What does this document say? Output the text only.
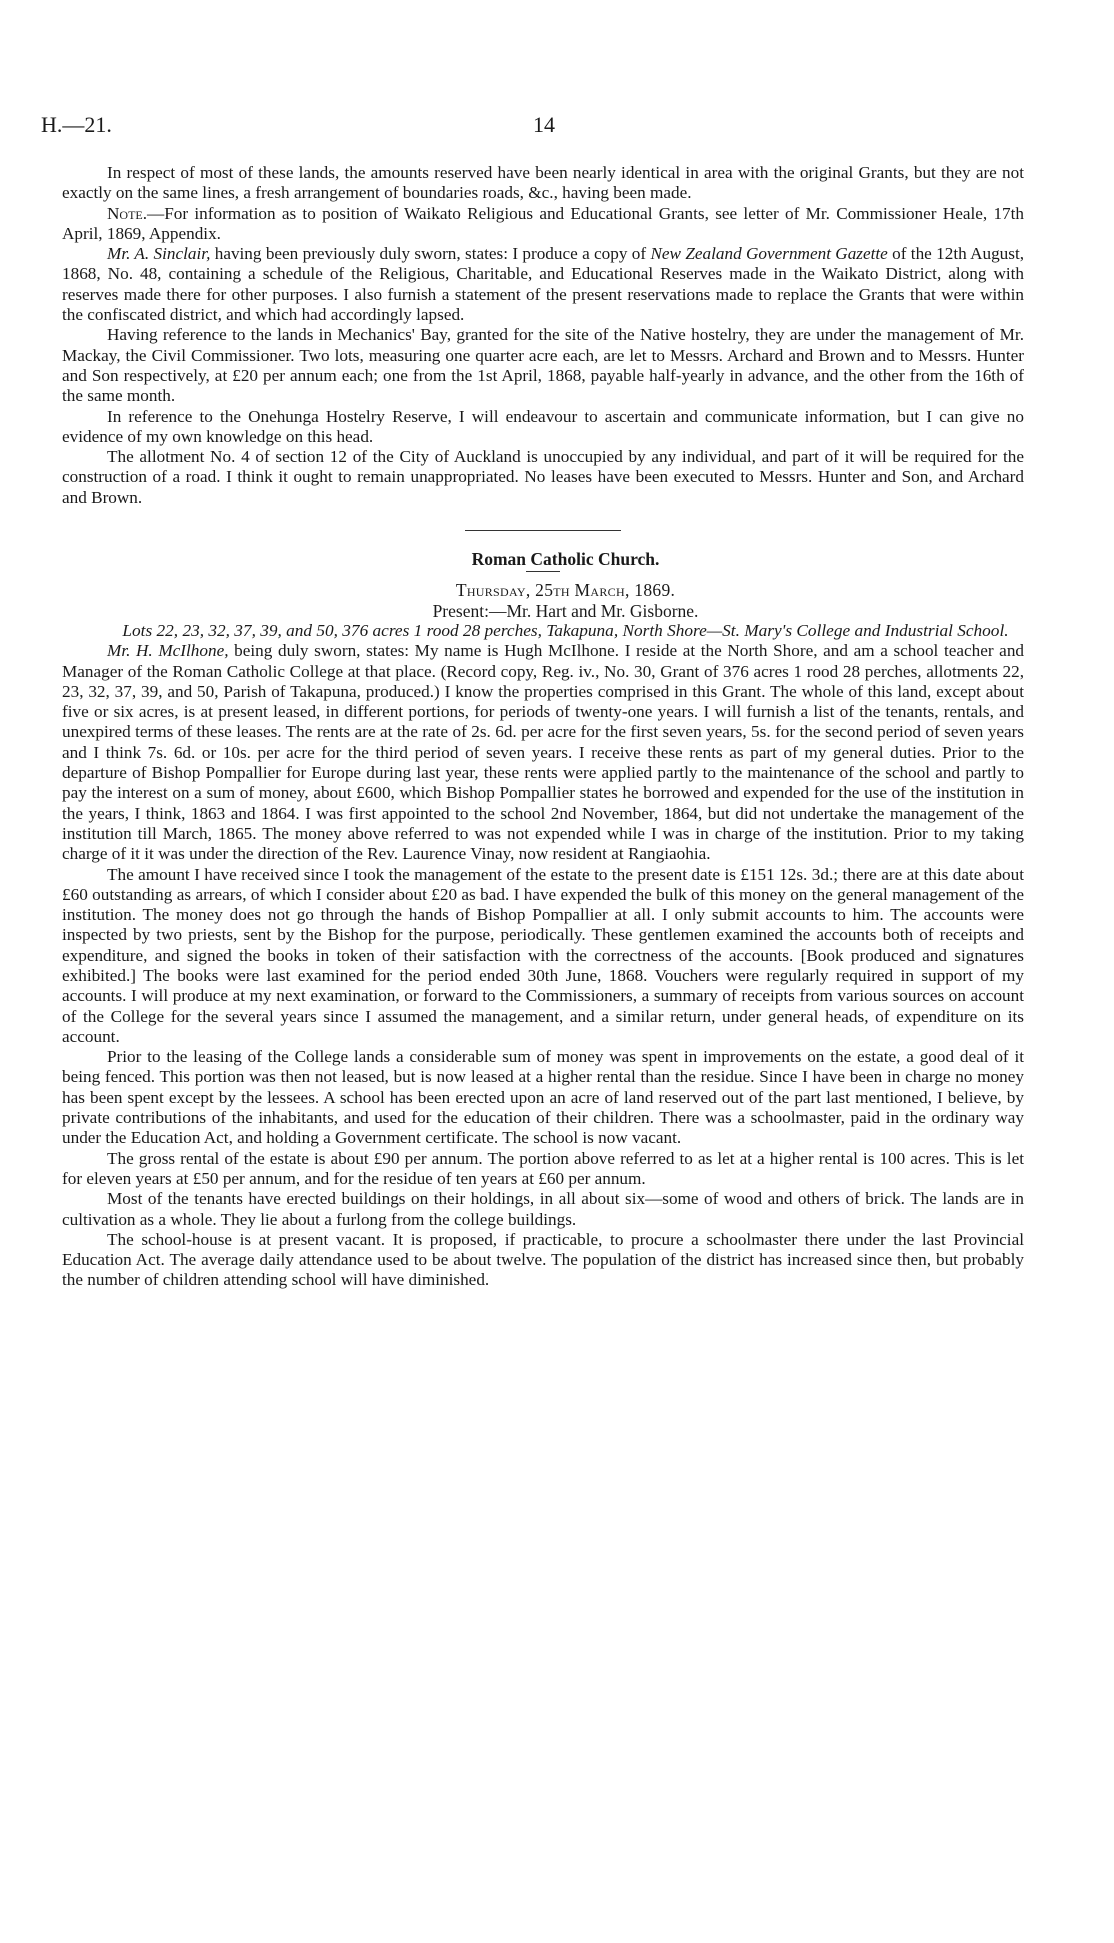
H.—21.	14

In respect of most of these lands, the amounts reserved have been nearly identical in area with the original Grants, but they are not exactly on the same lines, a fresh arrangement of boundaries roads, &c., having been made.

Note.—For information as to position of Waikato Religious and Educational Grants, see letter of Mr. Commissioner Heale, 17th April, 1869, Appendix.

Mr. A. Sinclair, having been previously duly sworn, states: I produce a copy of New Zealand Government Gazette of the 12th August, 1868, No. 48, containing a schedule of the Religious, Charitable, and Educational Reserves made in the Waikato District, along with reserves made there for other purposes. I also furnish a statement of the present reservations made to replace the Grants that were within the confiscated district, and which had accordingly lapsed.

Having reference to the lands in Mechanics' Bay, granted for the site of the Native hostelry, they are under the management of Mr. Mackay, the Civil Commissioner. Two lots, measuring one quarter acre each, are let to Messrs. Archard and Brown and to Messrs. Hunter and Son respectively, at £20 per annum each; one from the 1st April, 1868, payable half-yearly in advance, and the other from the 16th of the same month.

In reference to the Onehunga Hostelry Reserve, I will endeavour to ascertain and communicate information, but I can give no evidence of my own knowledge on this head.

The allotment No. 4 of section 12 of the City of Auckland is unoccupied by any individual, and part of it will be required for the construction of a road. I think it ought to remain unappropriated. No leases have been executed to Messrs. Hunter and Son, and Archard and Brown.

Roman Catholic Church.

Thursday, 25th March, 1869.

Present:—Mr. Hart and Mr. Gisborne.

Lots 22, 23, 32, 37, 39, and 50, 376 acres 1 rood 28 perches, Takapuna, North Shore—St. Mary's College and Industrial School.

Mr. H. McIlhone, being duly sworn, states: My name is Hugh McIlhone. I reside at the North Shore, and am a school teacher and Manager of the Roman Catholic College at that place. (Record copy, Reg. iv., No. 30, Grant of 376 acres 1 rood 28 perches, allotments 22, 23, 32, 37, 39, and 50, Parish of Takapuna, produced.) I know the properties comprised in this Grant. The whole of this land, except about five or six acres, is at present leased, in different portions, for periods of twenty-one years. I will furnish a list of the tenants, rentals, and unexpired terms of these leases. The rents are at the rate of 2s. 6d. per acre for the first seven years, 5s. for the second period of seven years and I think 7s. 6d. or 10s. per acre for the third period of seven years. I receive these rents as part of my general duties. Prior to the departure of Bishop Pompallier for Europe during last year, these rents were applied partly to the maintenance of the school and partly to pay the interest on a sum of money, about £600, which Bishop Pompallier states he borrowed and expended for the use of the institution in the years, I think, 1863 and 1864. I was first appointed to the school 2nd November, 1864, but did not undertake the management of the institution till March, 1865. The money above referred to was not expended while I was in charge of the institution. Prior to my taking charge of it it was under the direction of the Rev. Laurence Vinay, now resident at Rangiaohia.

The amount I have received since I took the management of the estate to the present date is £151 12s. 3d.; there are at this date about £60 outstanding as arrears, of which I consider about £20 as bad. I have expended the bulk of this money on the general management of the institution. The money does not go through the hands of Bishop Pompallier at all. I only submit accounts to him. The accounts were inspected by two priests, sent by the Bishop for the purpose, periodically. These gentlemen examined the accounts both of receipts and expenditure, and signed the books in token of their satisfaction with the correctness of the accounts. [Book produced and signatures exhibited.] The books were last examined for the period ended 30th June, 1868. Vouchers were regularly required in support of my accounts. I will produce at my next examination, or forward to the Commissioners, a summary of receipts from various sources on account of the College for the several years since I assumed the management, and a similar return, under general heads, of expenditure on its account.

Prior to the leasing of the College lands a considerable sum of money was spent in improvements on the estate, a good deal of it being fenced. This portion was then not leased, but is now leased at a higher rental than the residue. Since I have been in charge no money has been spent except by the lessees. A school has been erected upon an acre of land reserved out of the part last mentioned, I believe, by private contributions of the inhabitants, and used for the education of their children. There was a schoolmaster, paid in the ordinary way under the Education Act, and holding a Government certificate. The school is now vacant.

The gross rental of the estate is about £90 per annum. The portion above referred to as let at a higher rental is 100 acres. This is let for eleven years at £50 per annum, and for the residue of ten years at £60 per annum.

Most of the tenants have erected buildings on their holdings, in all about six—some of wood and others of brick. The lands are in cultivation as a whole. They lie about a furlong from the college buildings.

The school-house is at present vacant. It is proposed, if practicable, to procure a schoolmaster there under the last Provincial Education Act. The average daily attendance used to be about twelve. The population of the district has increased since then, but probably the number of children attending school will have diminished.
